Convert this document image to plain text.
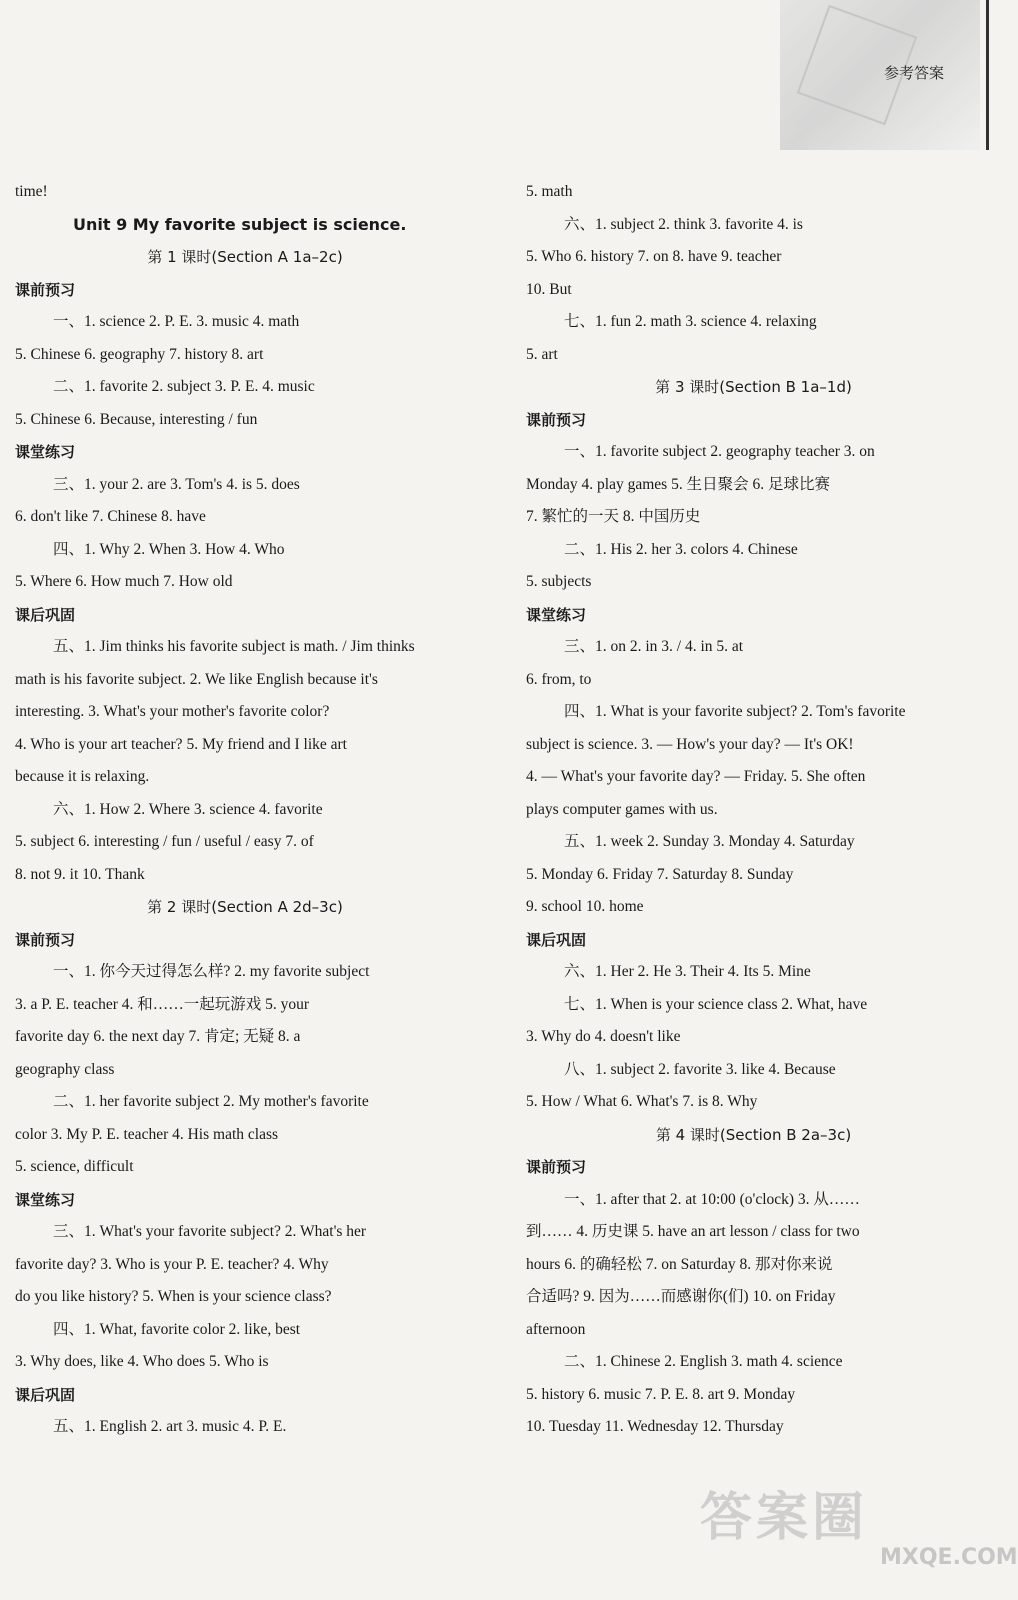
参考答案
time!
Unit 9 My favorite subject is science.
第 1 课时(Section A 1a–2c)
课前预习
一、1. science 2. P. E. 3. music 4. math
5. Chinese 6. geography 7. history 8. art
二、1. favorite 2. subject 3. P. E. 4. music
5. Chinese 6. Because, interesting / fun
课堂练习
三、1. your 2. are 3. Tom's 4. is 5. does
6. don't like 7. Chinese 8. have
四、1. Why 2. When 3. How 4. Who
5. Where 6. How much 7. How old
课后巩固
五、1. Jim thinks his favorite subject is math. / Jim thinks
math is his favorite subject. 2. We like English because it's
interesting. 3. What's your mother's favorite color?
4. Who is your art teacher? 5. My friend and I like art
because it is relaxing.
六、1. How 2. Where 3. science 4. favorite
5. subject 6. interesting / fun / useful / easy 7. of
8. not 9. it 10. Thank
第 2 课时(Section A 2d–3c)
课前预习
一、1. 你今天过得怎么样? 2. my favorite subject
3. a P. E. teacher 4. 和……一起玩游戏 5. your
favorite day 6. the next day 7. 肯定; 无疑 8. a
geography class
二、1. her favorite subject 2. My mother's favorite
color 3. My P. E. teacher 4. His math class
5. science, difficult
课堂练习
三、1. What's your favorite subject? 2. What's her
favorite day? 3. Who is your P. E. teacher? 4. Why
do you like history? 5. When is your science class?
四、1. What, favorite color 2. like, best
3. Why does, like 4. Who does 5. Who is
课后巩固
五、1. English 2. art 3. music 4. P. E.
5. math
六、1. subject 2. think 3. favorite 4. is
5. Who 6. history 7. on 8. have 9. teacher
10. But
七、1. fun 2. math 3. science 4. relaxing
5. art
第 3 课时(Section B 1a–1d)
课前预习
一、1. favorite subject 2. geography teacher 3. on
Monday 4. play games 5. 生日聚会 6. 足球比赛
7. 繁忙的一天 8. 中国历史
二、1. His 2. her 3. colors 4. Chinese
5. subjects
课堂练习
三、1. on 2. in 3. / 4. in 5. at
6. from, to
四、1. What is your favorite subject? 2. Tom's favorite
subject is science. 3. — How's your day? — It's OK!
4. — What's your favorite day? — Friday. 5. She often
plays computer games with us.
五、1. week 2. Sunday 3. Monday 4. Saturday
5. Monday 6. Friday 7. Saturday 8. Sunday
9. school 10. home
课后巩固
六、1. Her 2. He 3. Their 4. Its 5. Mine
七、1. When is your science class 2. What, have
3. Why do 4. doesn't like
八、1. subject 2. favorite 3. like 4. Because
5. How / What 6. What's 7. is 8. Why
第 4 课时(Section B 2a–3c)
课前预习
一、1. after that 2. at 10:00 (o'clock) 3. 从……
到…… 4. 历史课 5. have an art lesson / class for two
hours 6. 的确轻松 7. on Saturday 8. 那对你来说
合适吗? 9. 因为……而感谢你(们) 10. on Friday
afternoon
二、1. Chinese 2. English 3. math 4. science
5. history 6. music 7. P. E. 8. art 9. Monday
10. Tuesday 11. Wednesday 12. Thursday
答案圈
MXQE.COM
